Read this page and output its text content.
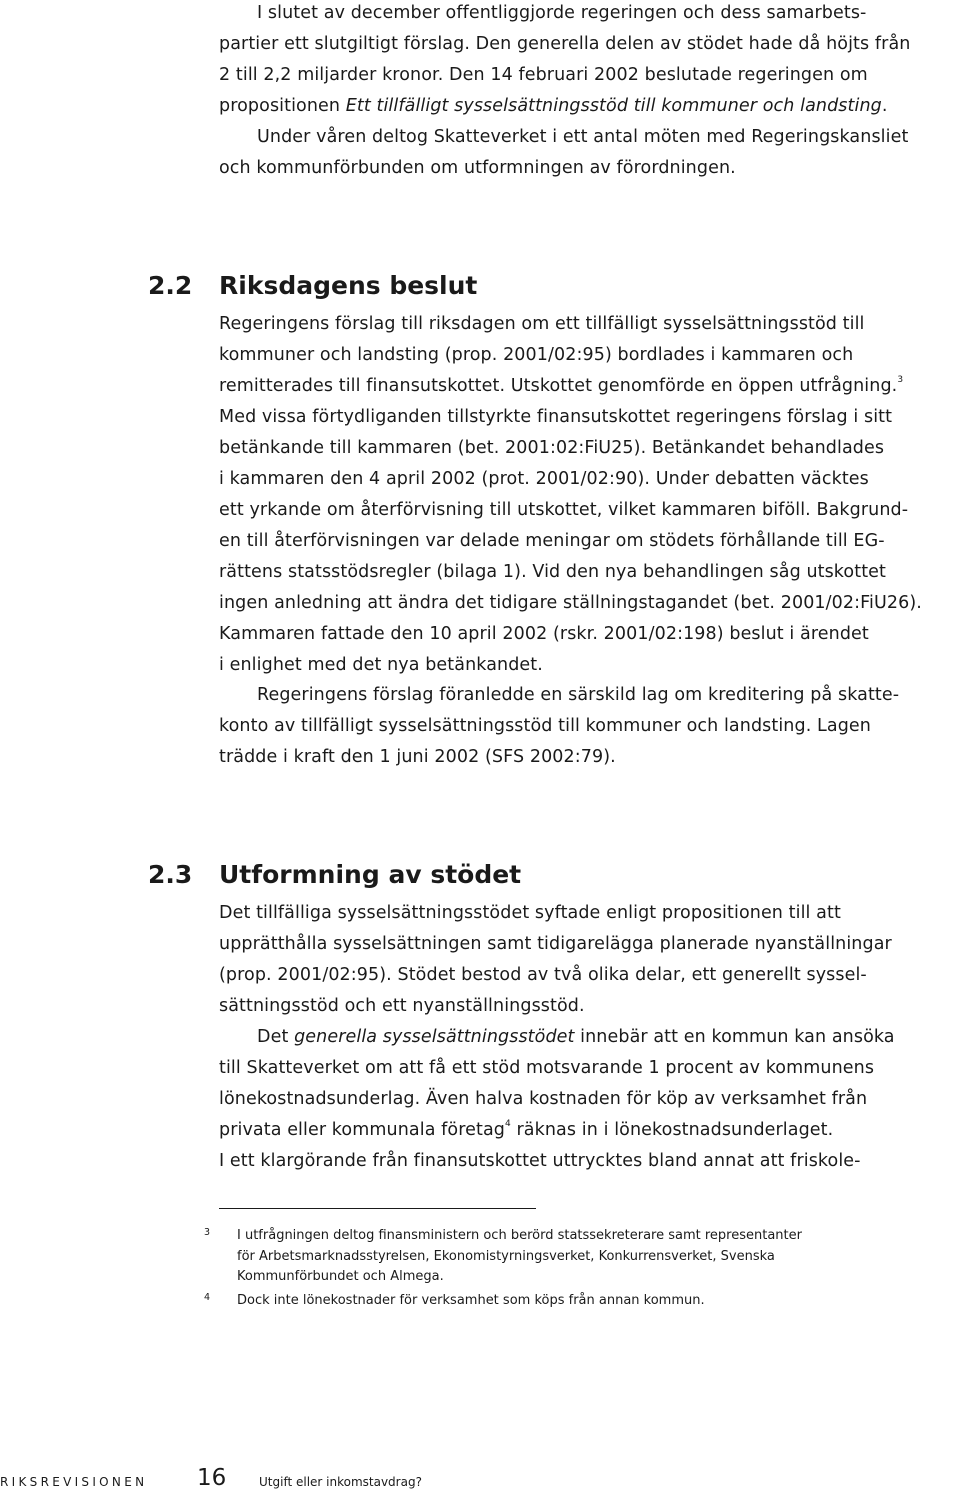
I slutet av december offentliggjorde regeringen och dess samarbets-
partier ett slutgiltigt förslag. Den generella delen av stödet hade då höjts från
2 till 2,2 miljarder kronor. Den 14 februari 2002 beslutade regeringen om
propositionen Ett tillfälligt sysselsättningsstöd till kommuner och landsting.

Under våren deltog Skatteverket i ett antal möten med Regeringskansliet
och kommunförbunden om utformningen av förordningen.

2.2 Riksdagens beslut

Regeringens förslag till riksdagen om ett tillfälligt sysselsättningsstöd till
kommuner och landsting (prop. 2001/02:95) bordlades i kammaren och
remitterades till finansutskottet. Utskottet genomförde en öppen utfrågning.$^3$
Med vissa förtydliganden tillstyrkte finansutskottet regeringens förslag i sitt
betänkande till kammaren (bet. 2001:02:FiU25). Betänkandet behandlades
i kammaren den 4 april 2002 (prot. 2001/02:90). Under debatten väcktes
ett yrkande om återförvisning till utskottet, vilket kammaren biföll. Bakgrund-
en till återförvisningen var delade meningar om stödets förhållande till EG-
rättens statsstödsregler (bilaga 1). Vid den nya behandlingen såg utskottet
ingen anledning att ändra det tidigare ställningstagandet (bet. 2001/02:FiU26).
Kammaren fattade den 10 april 2002 (rskr. 2001/02:198) beslut i ärendet
i enlighet med det nya betänkandet.

Regeringens förslag föranledde en särskild lag om kreditering på skatte-
konto av tillfälligt sysselsättningsstöd till kommuner och landsting. Lagen
trädde i kraft den 1 juni 2002 (SFS 2002:79).

2.3 Utformning av stödet

Det tillfälliga sysselsättningsstödet syftade enligt propositionen till att
upprätthålla sysselsättningen samt tidigarelägga planerade nyanställningar
(prop. 2001/02:95). Stödet bestod av två olika delar, ett generellt syssel-
sättningsstöd och ett nyanställningsstöd.

Det generella sysselsättningsstödet innebär att en kommun kan ansöka
till Skatteverket om att få ett stöd motsvarande 1 procent av kommunens
lönekostnadsunderlag. Även halva kostnaden för köp av verksamhet från
privata eller kommunala företag$^4$ räknas in i lönekostnadsunderlaget.
I ett klargörande från finansutskottet uttrycktes bland annat att friskole-

3 I utfrågningen deltog finansministern och berörd statssekreterare samt representanter
för Arbetsmarknadsstyrelsen, Ekonomistyrningsverket, Konkurrensverket, Svenska
Kommunförbundet och Almega.
4 Dock inte lönekostnader för verksamhet som köps från annan kommun.
RIKSREVISIONEN 16	Utgift eller inkomstavdrag?
